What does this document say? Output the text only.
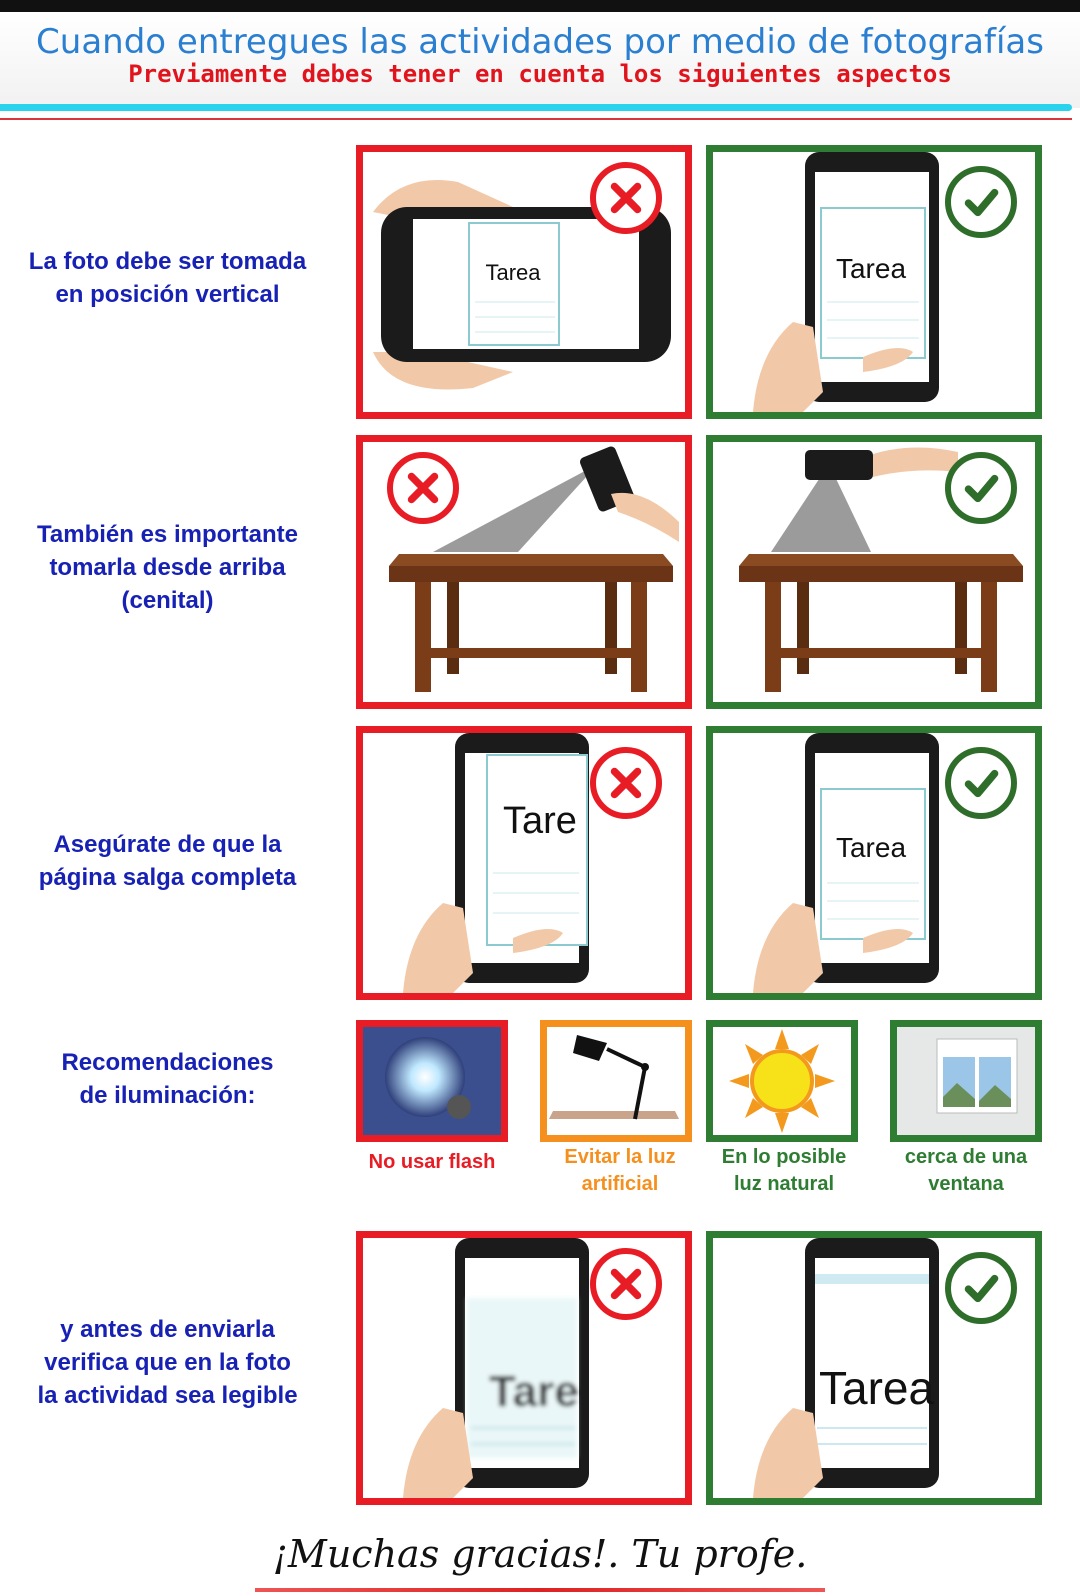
Cuando entregues las actividades por medio de fotografías
Previamente debes tener en cuenta los siguientes aspectos
La foto debe ser tomada
en posición vertical
También es importante
tomarla desde arriba
(cenital)
Asegúrate de que la
página salga completa
Recomendaciones
de iluminación:
y antes de enviarla
verifica que en la foto
la actividad sea legible
Tarea	Tarea
Tare
Tarea
No usar flash	Evitar la luz
artificial
En lo posible
luz natural
cerca de una
ventana
Tare	Tarea
¡Muchas gracias!. Tu profe.
